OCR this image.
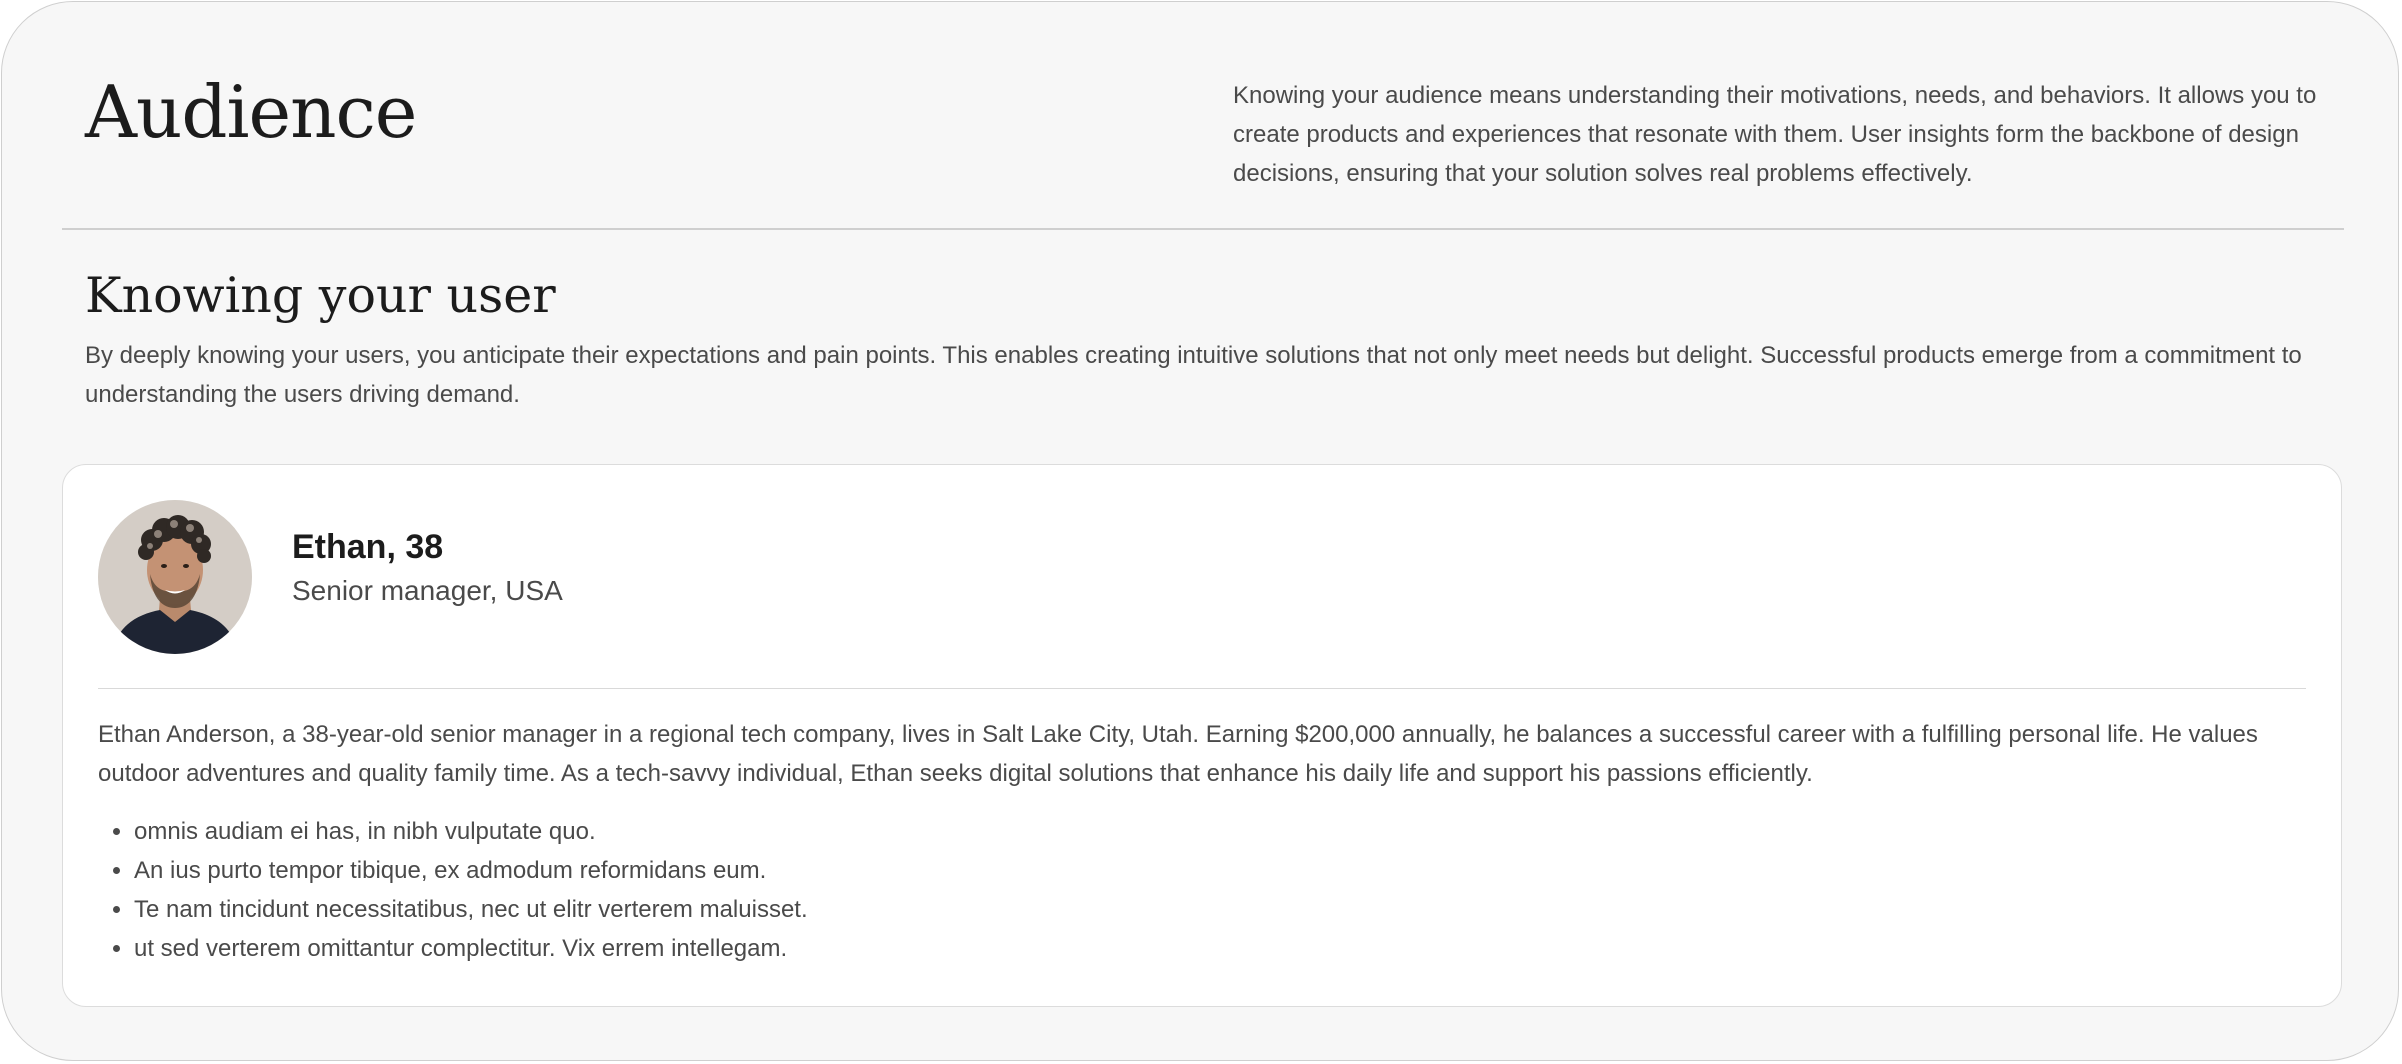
Audience	Knowing your audience means understanding their motivations, needs, and behaviors. It allows you to create products and experiences that resonate with them. User insights form the backbone of design decisions, ensuring that your solution solves real problems effectively.

Knowing your user

By deeply knowing your users, you anticipate their expectations and pain points. This enables creating intuitive solutions that not only meet needs but delight. Successful products emerge from a commitment to understanding the users driving demand.

Ethan, 38
Senior manager, USA

Ethan Anderson, a 38-year-old senior manager in a regional tech company, lives in Salt Lake City, Utah. Earning $200,000 annually, he balances a successful career with a fulfilling personal life. He values outdoor adventures and quality family time. As a tech-savvy individual, Ethan seeks digital solutions that enhance his daily life and support his passions efficiently.

• omnis audiam ei has, in nibh vulputate quo.
• An ius purto tempor tibique, ex admodum reformidans eum.
• Te nam tincidunt necessitatibus, nec ut elitr verterem maluisset.
• ut sed verterem omittantur complectitur. Vix errem intellegam.
